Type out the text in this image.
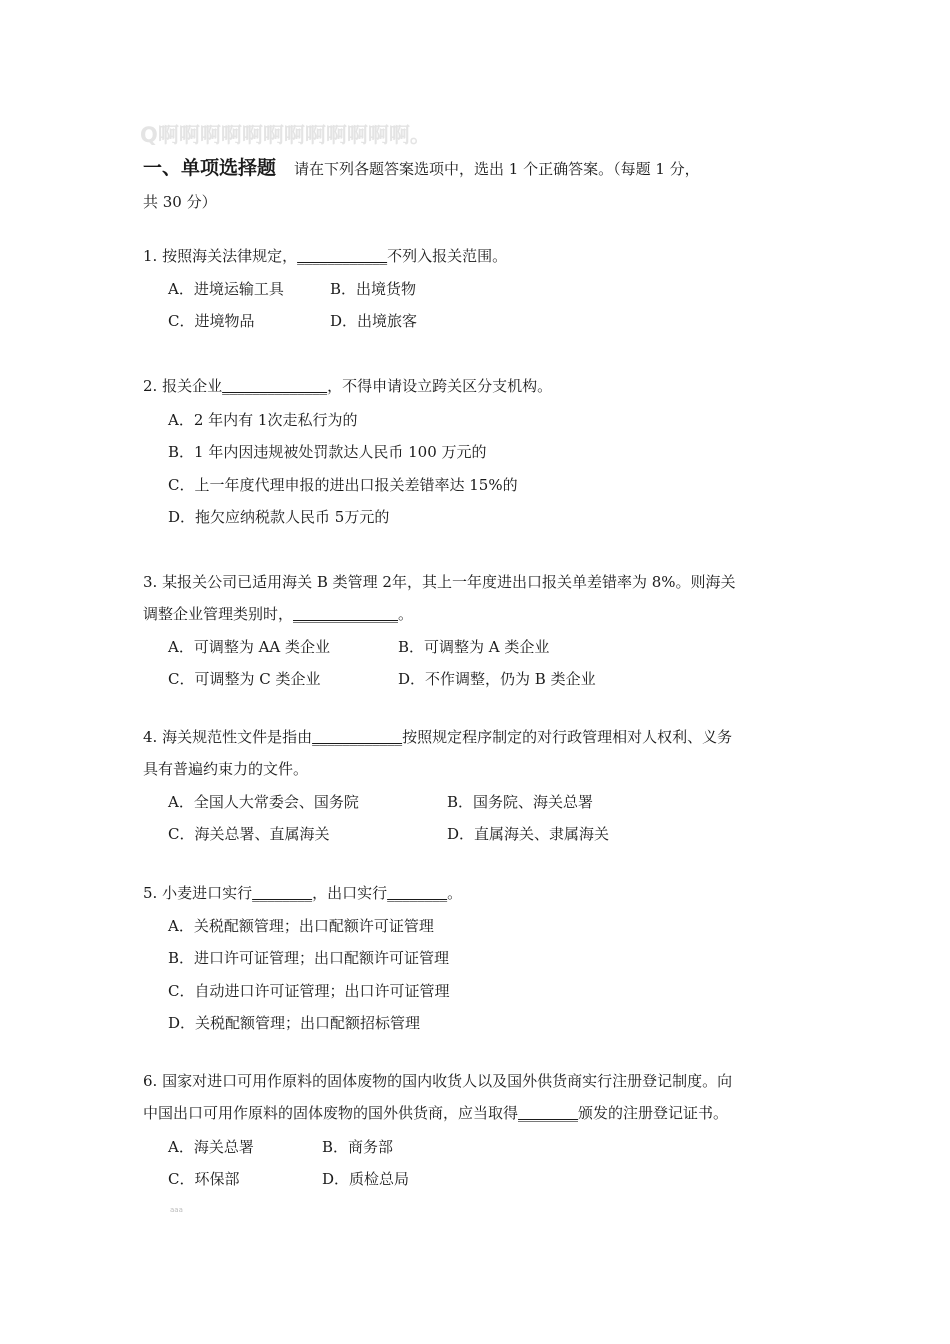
Q啊啊啊啊啊啊啊啊啊啊啊啊。
一、单项选择题 请在下列各题答案选项中，选出 1 个正确答案。（每题 1 分，
共 30 分）
1. 按照海关法律规定，____________不列入报关范围。
A．进境运输工具	B．出境货物
C．进境物品	D．出境旅客
2. 报关企业______________，不得申请设立跨关区分支机构。
A．2 年内有 1次走私行为的
B．1 年内因违规被处罚款达人民币 100 万元的
C．上一年度代理申报的进出口报关差错率达 15%的
D．拖欠应纳税款人民币 5万元的
3. 某报关公司已适用海关 B 类管理 2年，其上一年度进出口报关单差错率为 8%。则海关
调整企业管理类别时，______________。
A．可调整为 AA 类企业	B．可调整为 A 类企业
C．可调整为 C 类企业	D．不作调整，仍为 B 类企业
4. 海关规范性文件是指由____________按照规定程序制定的对行政管理相对人权利、义务
具有普遍约束力的文件。
A．全国人大常委会、国务院	B．国务院、海关总署
C．海关总署、直属海关	D．直属海关、隶属海关
5. 小麦进口实行________，出口实行________。
A．关税配额管理；出口配额许可证管理
B．进口许可证管理；出口配额许可证管理
C．自动进口许可证管理；出口许可证管理
D．关税配额管理；出口配额招标管理
6. 国家对进口可用作原料的固体废物的国内收货人以及国外供货商实行注册登记制度。向
中国出口可用作原料的固体废物的国外供货商，应当取得________颁发的注册登记证书。
A．海关总署	B．商务部
C．环保部	D．质检总局
aaa
